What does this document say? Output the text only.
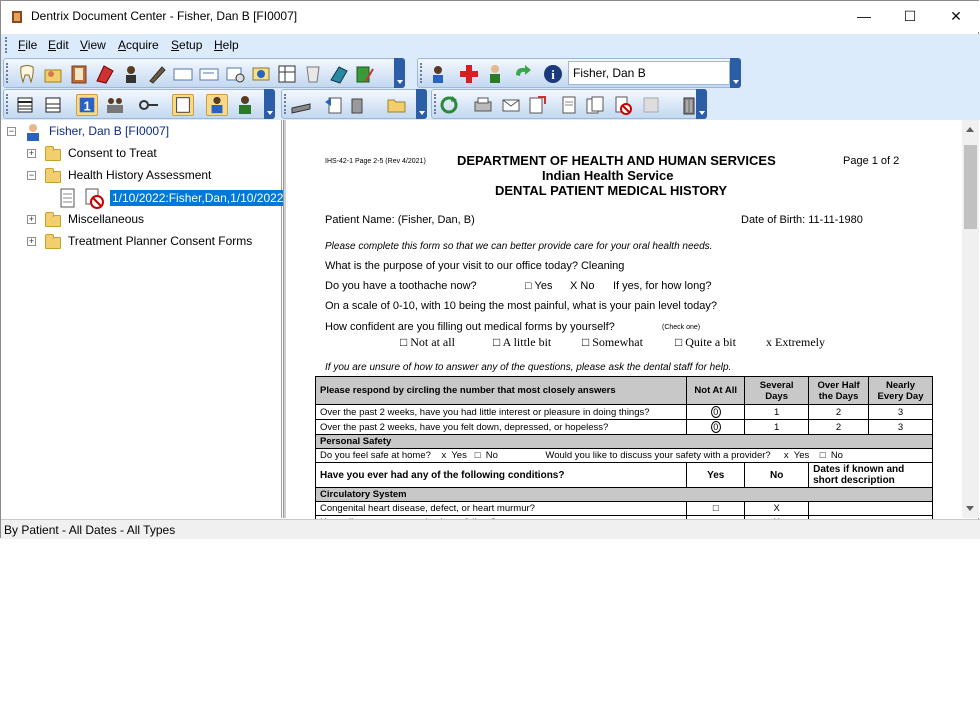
Dentrix Document Center - Fisher, Dan B [FI0007]	—	☐	✕
File Edit View Acquire Setup Help
i	Fisher, Dan B
1
−	Fisher, Dan B [FI0007]
+	Consent to Treat
−	Health History Assessment
1/10/2022:Fisher,Dan,1/10/2022
+	Miscellaneous
+	Treatment Planner Consent Forms
IHS-42-1 Page 2-5 (Rev 4/2021) DEPARTMENT OF HEALTH AND HUMAN SERVICES	Page 1 of 2
Indian Health Service
DENTAL PATIENT MEDICAL HISTORY
Patient Name: (Fisher, Dan, B)	Date of Birth: 11-11-1980
Please complete this form so that we can better provide care for your oral health needs.
What is the purpose of your visit to our office today? Cleaning
Do you have a toothache now?	□ Yes X No If yes, for how long?
On a scale of 0-10, with 10 being the most painful, what is your pain level today?
How confident are you filling out medical forms by yourself?	(Check one)
□ Not at all	□ A little bit	□ Somewhat	□ Quite a bit	x Extremely
If you are unsure of how to answer any of the questions, please ask the dental staff for help.
Please respond by circling the number that most closely answers	Not At All	Several Days	Over Half the Days	Nearly Every Day
Over the past 2 weeks, have you had little interest or pleasure in doing things?	0	1	2	3
Over the past 2 weeks, have you felt down, depressed, or hopeless?	0	1	2	3
Personal Safety				
Do you feel safe at home?    x  Yes   □  No                  Would you like to discuss your safety with a provider?     x  Yes    □  No				
Have you ever had any of the following conditions?	Yes	No	Dates if known and short description	
Circulatory System				
Congenital heart disease, defect, or heart murmur?	□	X		

By Patient - All Dates - All Types
